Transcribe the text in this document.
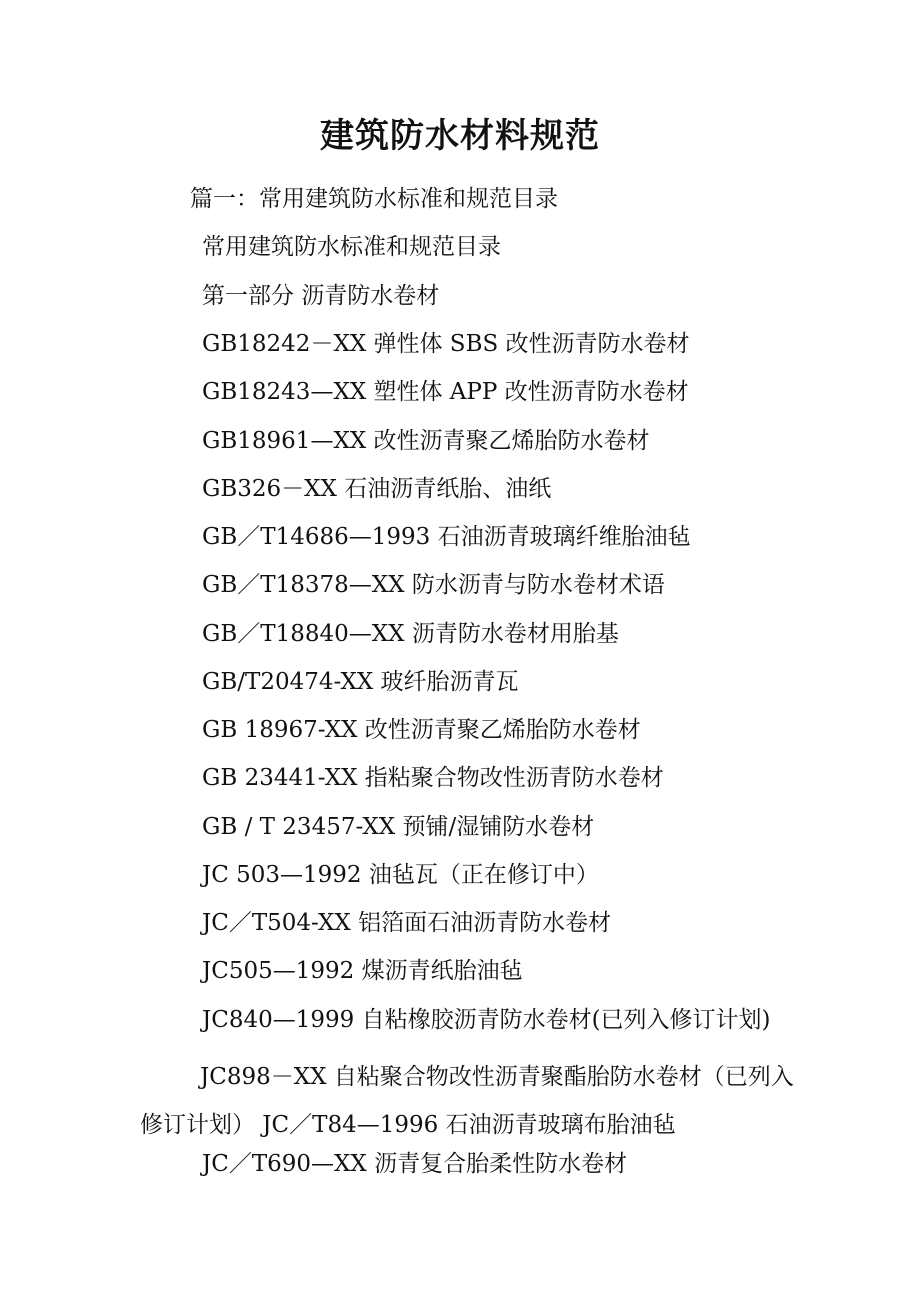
建筑防水材料规范

篇一：常用建筑防水标准和规范目录

常用建筑防水标准和规范目录

第一部分 沥青防水卷材

GB18242－XX 弹性体 SBS 改性沥青防水卷材

GB18243—XX 塑性体 APP 改性沥青防水卷材

GB18961—XX 改性沥青聚乙烯胎防水卷材

GB326－XX 石油沥青纸胎、油纸

GB／T14686—1993 石油沥青玻璃纤维胎油毡

GB／T18378—XX 防水沥青与防水卷材术语

GB／T18840—XX 沥青防水卷材用胎基

GB/T20474-XX 玻纤胎沥青瓦

GB 18967-XX 改性沥青聚乙烯胎防水卷材

GB 23441-XX 指粘聚合物改性沥青防水卷材

GB / T 23457-XX 预铺/湿铺防水卷材

JC 503—1992 油毡瓦（正在修订中）

JC／T504-XX 铝箔面石油沥青防水卷材

JC505—1992 煤沥青纸胎油毡

JC840—1999 自粘橡胶沥青防水卷材(已列入修订计划)

JC898－XX 自粘聚合物改性沥青聚酯胎防水卷材（已列入修订计划） JC／T84—1996 石油沥青玻璃布胎油毡

JC／T690—XX 沥青复合胎柔性防水卷材
